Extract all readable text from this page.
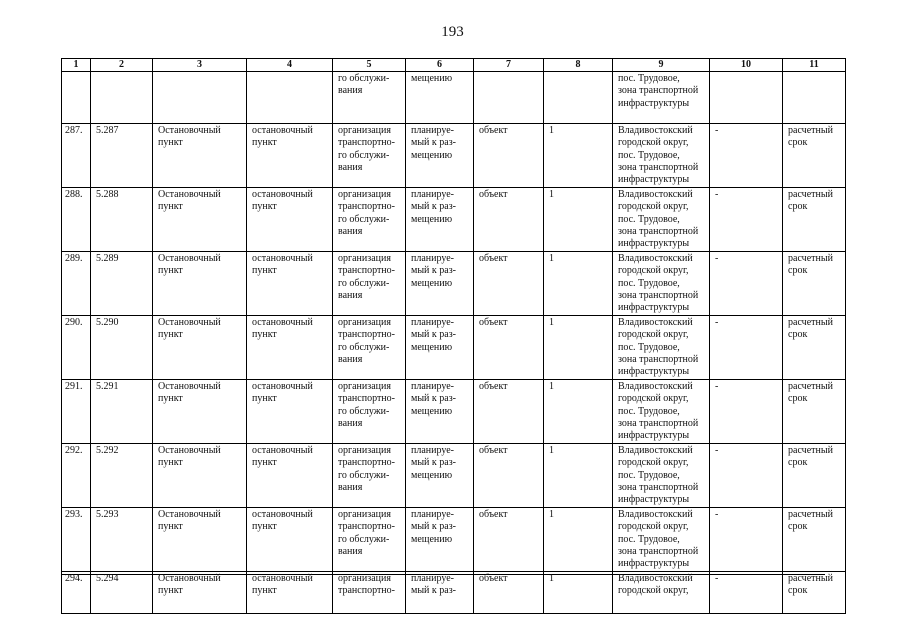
193
1	2	3	4	5	6	7	8	9	10	11
				го обслужи-
вания	мещению			пос. Трудовое,
зона транспортной
инфраструктуры		
287.	5.287	Остановочный
пункт	остановочный
пункт	организация
транспортно-
го обслужи-
вания	планируе-
мый к раз-
мещению	объект	1	Владивостокский
городской округ,
пос. Трудовое,
зона транспортной
инфраструктуры	-	расчетный
срок
288.	5.288	Остановочный
пункт	остановочный
пункт	организация
транспортно-
го обслужи-
вания	планируе-
мый к раз-
мещению	объект	1	Владивостокский
городской округ,
пос. Трудовое,
зона транспортной
инфраструктуры	-	расчетный
срок
289.	5.289	Остановочный
пункт	остановочный
пункт	организация
транспортно-
го обслужи-
вания	планируе-
мый к раз-
мещению	объект	1	Владивостокский
городской округ,
пос. Трудовое,
зона транспортной
инфраструктуры	-	расчетный
срок
290.	5.290	Остановочный
пункт	остановочный
пункт	организация
транспортно-
го обслужи-
вания	планируе-
мый к раз-
мещению	объект	1	Владивостокский
городской округ,
пос. Трудовое,
зона транспортной
инфраструктуры	-	расчетный
срок
291.	5.291	Остановочный
пункт	остановочный
пункт	организация
транспортно-
го обслужи-
вания	планируе-
мый к раз-
мещению	объект	1	Владивостокский
городской округ,
пос. Трудовое,
зона транспортной
инфраструктуры	-	расчетный
срок
292.	5.292	Остановочный
пункт	остановочный
пункт	организация
транспортно-
го обслужи-
вания	планируе-
мый к раз-
мещению	объект	1	Владивостокский
городской округ,
пос. Трудовое,
зона транспортной
инфраструктуры	-	расчетный
срок
293.	5.293	Остановочный
пункт	остановочный
пункт	организация
транспортно-
го обслужи-
вания	планируе-
мый к раз-
мещению	объект	1	Владивостокский
городской округ,
пос. Трудовое,
зона транспортной
инфраструктуры	-	расчетный
срок
294.	5.294	Остановочный
пункт	остановочный
пункт	организация
транспортно-	планируе-
мый к раз-	объект	1	Владивостокский
городской округ,	-	расчетный
срок
